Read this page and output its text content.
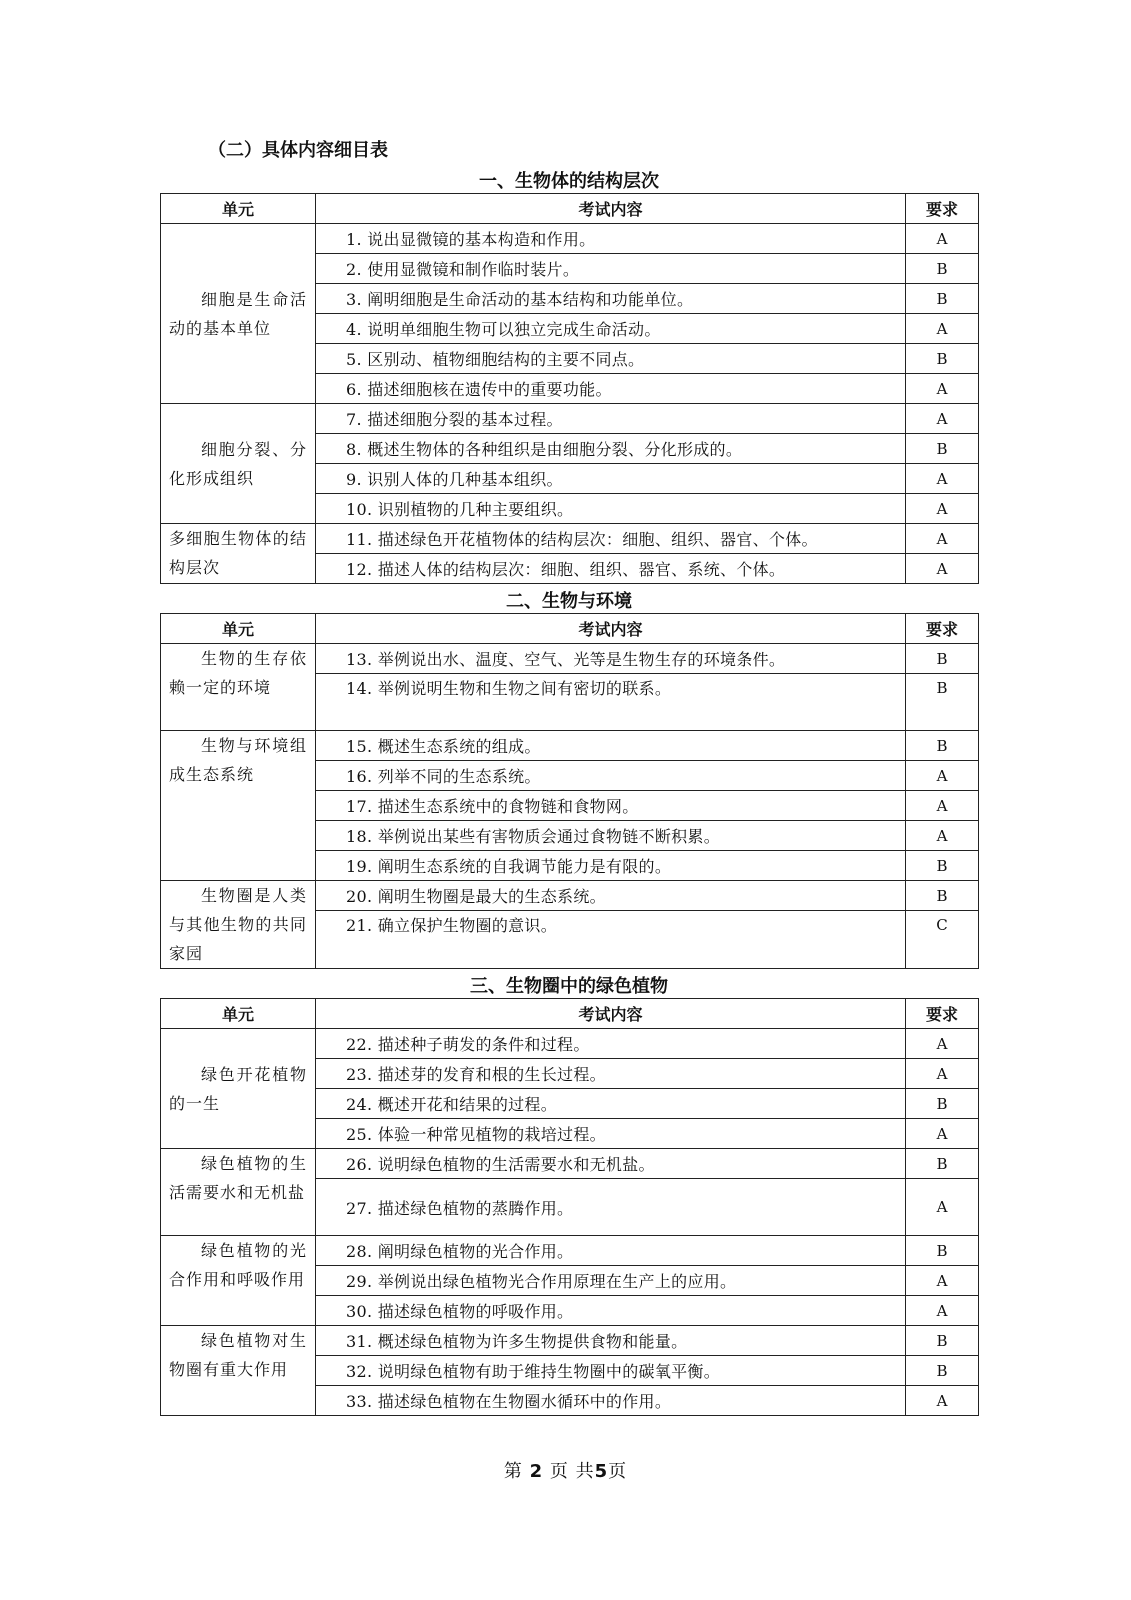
（二）具体内容细目表
一、生物体的结构层次
单元	考试内容	要求

细胞是生命活动的基本单位	1. 说出显微镜的基本构造和作用。	A
	2. 使用显微镜和制作临时装片。	B
	3. 阐明细胞是生命活动的基本结构和功能单位。	B
	4. 说明单细胞生物可以独立完成生命活动。	A
	5. 区别动、植物细胞结构的主要不同点。	B
	6. 描述细胞核在遗传中的重要功能。	A

细胞分裂、分化形成组织	7. 描述细胞分裂的基本过程。	A
	8. 概述生物体的各种组织是由细胞分裂、分化形成的。	B
	9. 识别人体的几种基本组织。	A
	10. 识别植物的几种主要组织。	A

多细胞生物体的结构层次	11. 描述绿色开花植物体的结构层次：细胞、组织、器官、个体。	A
	12. 描述人体的结构层次：细胞、组织、器官、系统、个体。	A
二、生物与环境
单元	考试内容	要求

生物的生存依赖一定的环境	13. 举例说出水、温度、空气、光等是生物生存的环境条件。	B
	14. 举例说明生物和生物之间有密切的联系。	B

生物与环境组成生态系统	15. 概述生态系统的组成。	B
	16. 列举不同的生态系统。	A
	17. 描述生态系统中的食物链和食物网。	A
	18. 举例说出某些有害物质会通过食物链不断积累。	A
	19. 阐明生态系统的自我调节能力是有限的。	B

生物圈是人类与其他生物的共同家园	20. 阐明生物圈是最大的生态系统。	B
	21. 确立保护生物圈的意识。	C
三、生物圈中的绿色植物
单元	考试内容	要求

绿色开花植物的一生	22. 描述种子萌发的条件和过程。	A
	23. 描述芽的发育和根的生长过程。	A
	24. 概述开花和结果的过程。	B
	25. 体验一种常见植物的栽培过程。	A

绿色植物的生活需要水和无机盐	26. 说明绿色植物的生活需要水和无机盐。	B
	27. 描述绿色植物的蒸腾作用。	A

绿色植物的光合作用和呼吸作用	28. 阐明绿色植物的光合作用。	B
	29. 举例说出绿色植物光合作用原理在生产上的应用。	A
	30. 描述绿色植物的呼吸作用。	A

绿色植物对生物圈有重大作用	31. 概述绿色植物为许多生物提供食物和能量。	B
	32. 说明绿色植物有助于维持生物圈中的碳氧平衡。	B
	33. 描述绿色植物在生物圈水循环中的作用。	A
第 2 页 共5页
